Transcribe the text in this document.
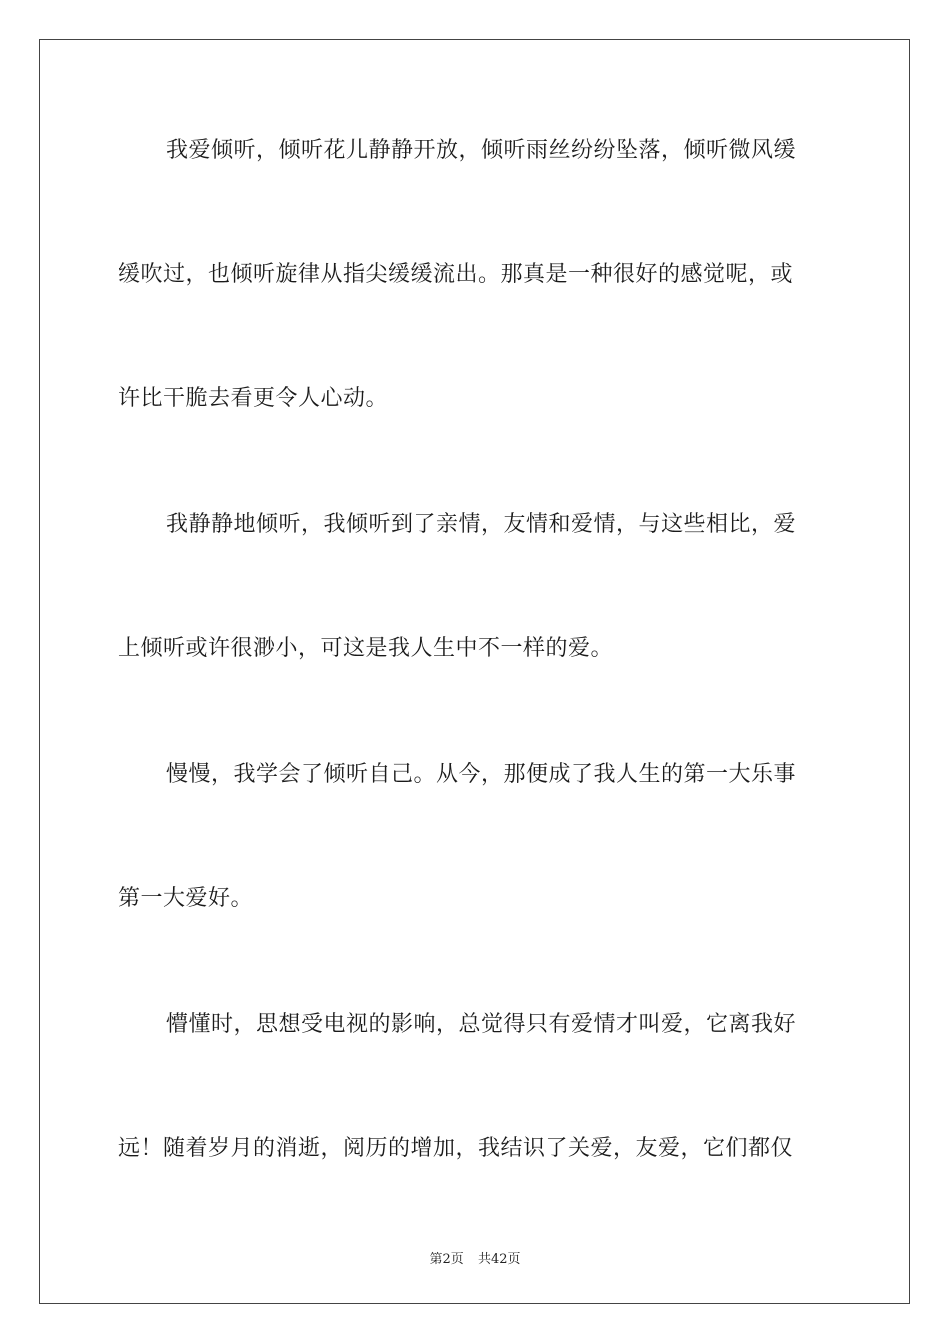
我爱倾听，倾听花儿静静开放，倾听雨丝纷纷坠落，倾听微风缓
缓吹过，也倾听旋律从指尖缓缓流出。那真是一种很好的感觉呢，或
许比干脆去看更令人心动。
我静静地倾听，我倾听到了亲情，友情和爱情，与这些相比，爱
上倾听或许很渺小，可这是我人生中不一样的爱。
慢慢，我学会了倾听自己。从今，那便成了我人生的第一大乐事
第一大爱好。
懵懂时，思想受电视的影响，总觉得只有爱情才叫爱，它离我好
远！随着岁月的消逝，阅历的增加，我结识了关爱，友爱，它们都仅
第2页 共42页
